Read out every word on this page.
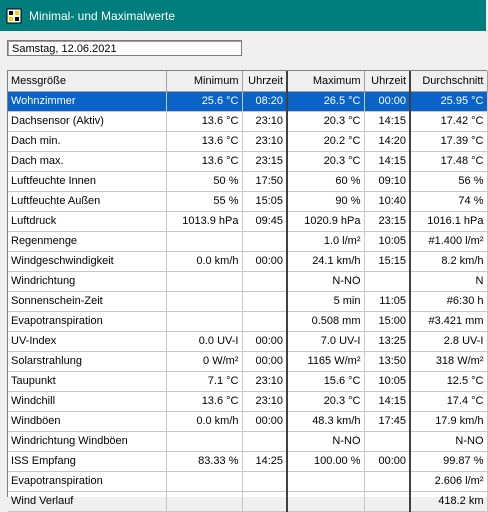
Minimal- und Maximalwerte
Samstag, 12.06.2021
Messgröße	Minimum	Uhrzeit	Maximum	Uhrzeit	Durchschnitt
Wohnzimmer	25.6 °C	08:20	26.5 °C	00:00	25.95 °C
Dachsensor (Aktiv)	13.6 °C	23:10	20.3 °C	14:15	17.42 °C
Dach min.	13.6 °C	23:10	20.2 °C	14:20	17.39 °C
Dach max.	13.6 °C	23:15	20.3 °C	14:15	17.48 °C
Luftfeuchte Innen	50 %	17:50	60 %	09:10	56 %
Luftfeuchte Außen	55 %	15:05	90 %	10:40	74 %
Luftdruck	1013.9 hPa	09:45	1020.9 hPa	23:15	1016.1 hPa
Regenmenge			1.0 l/m²	10:05	#1.400 l/m²
Windgeschwindigkeit	0.0 km/h	00:00	24.1 km/h	15:15	8.2 km/h
Windrichtung			N-NO		N
Sonnenschein-Zeit			5 min	11:05	#6:30 h
Evapotranspiration			0.508 mm	15:00	#3.421 mm
UV-Index	0.0 UV-I	00:00	7.0 UV-I	13:25	2.8 UV-I
Solarstrahlung	0 W/m²	00:00	1165 W/m²	13:50	318 W/m²
Taupunkt	7.1 °C	23:10	15.6 °C	10:05	12.5 °C
Windchill	13.6 °C	23:10	20.3 °C	14:15	17.4 °C
Windböen	0.0 km/h	00:00	48.3 km/h	17:45	17.9 km/h
Windrichtung Windböen			N-NO		N-NO
ISS Empfang	83.33 %	14:25	100.00 %	00:00	99.87 %
Evapotranspiration					2.606 l/m²
Wind Verlauf					418.2 km
